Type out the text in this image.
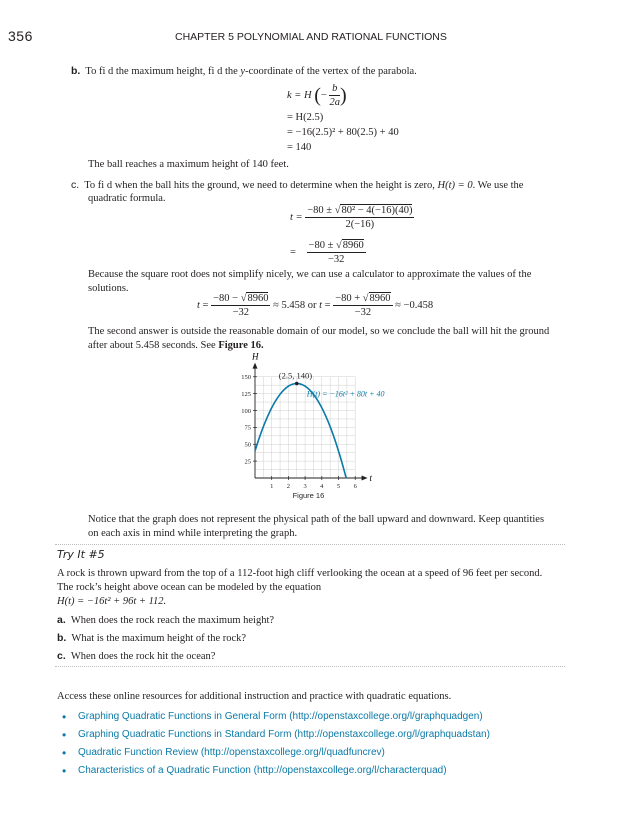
356	CHAPTER 5 POLYNOMIAL AND RATIONAL FUNCTIONS
b. To fi d the maximum height, fi d the y-coordinate of the vertex of the parabola.
k = H (− $\frac{b}{2a}$ )
= H(2.5)
= −16(2.5)² + 80(2.5) + 40
= 140
The ball reaches a maximum height of 140 feet.
c. To fi d when the ball hits the ground, we need to determine when the height is zero, H(t) = 0. We use the
quadratic formula.
$t = \frac{\text{−80 ± √80² − 4(−16)(40)}}{2(-16)}$
= $\frac{-80 \pm √8960}{-32}$
Because the square root does not simplify nicely, we can use a calculator to approximate the values of the
solutions.
$t = \frac{-80 - √8960}{-32} \approx 5.458$ or $t = \frac{-80 + √8960}{-32} \approx -0.458$
The second answer is outside the reasonable domain of our model, so we conclude the ball will hit the ground
after about 5.458 seconds. See Figure 16.
1 2 3 4 5 6
25
50
75
100
125
150
H
t
(2.5, 140)
H(t) = −16t² + 80t + 40
Figure 16
Notice that the graph does not represent the physical path of the ball upward and downward. Keep quantities
on each axis in mind while interpreting the graph.
Try It #5
A rock is thrown upward from the top of a 112-foot high cliff verlooking the ocean at a speed of 96 feet per second.
The rock’s height above ocean can be modeled by the equation
H(t) = −16t² + 96t + 112.
a. When does the rock reach the maximum height?
b. What is the maximum height of the rock?
c. When does the rock hit the ocean?
Access these online resources for additional instruction and practice with quadratic equations.
• Graphing Quadratic Functions in General Form (http://openstaxcollege.org/l/graphquadgen)
• Graphing Quadratic Functions in Standard Form (http://openstaxcollege.org/l/graphquadstan)
• Quadratic Function Review (http://openstaxcollege.org/l/quadfuncrev)
• Characteristics of a Quadratic Function (http://openstaxcollege.org/l/characterquad)
